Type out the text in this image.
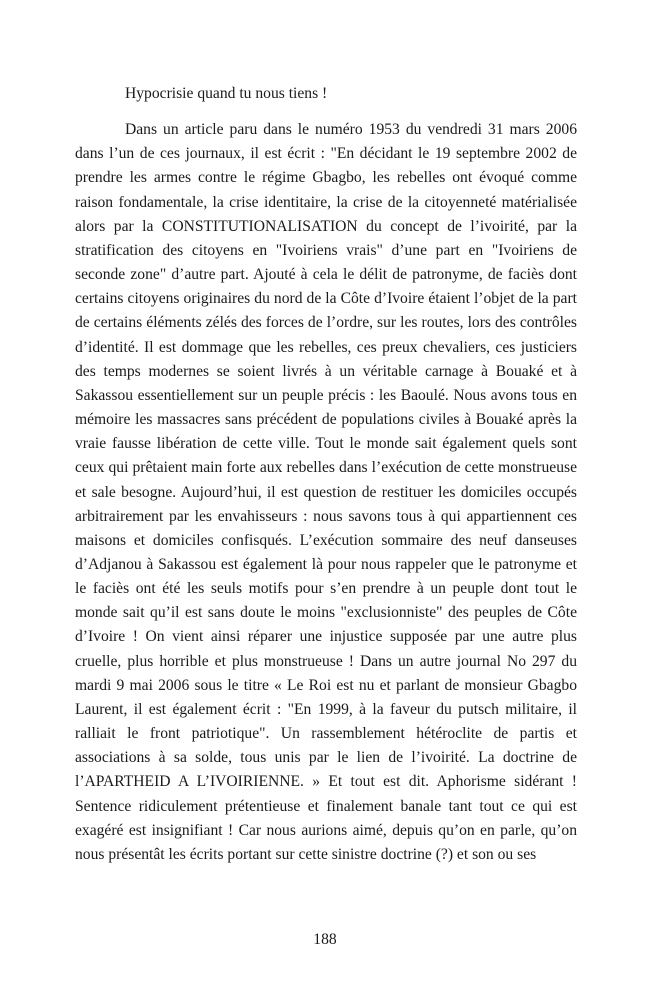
Hypocrisie quand tu nous tiens !

Dans un article paru dans le numéro 1953 du vendredi 31 mars 2006 dans l’un de ces journaux, il est écrit : "En décidant le 19 septembre 2002 de prendre les armes contre le régime Gbagbo, les rebelles ont évoqué comme raison fondamentale, la crise identitaire, la crise de la citoyenneté matérialisée alors par la CONSTITUTIONALISATION du concept de l’ivoirité, par la stratification des citoyens en "Ivoiriens vrais" d’une part en "Ivoiriens de seconde zone" d’autre part. Ajouté à cela le délit de patronyme, de faciès dont certains citoyens originaires du nord de la Côte d’Ivoire étaient l’objet de la part de certains éléments zélés des forces de l’ordre, sur les routes, lors des contrôles d’identité. Il est dommage que les rebelles, ces preux chevaliers, ces justiciers des temps modernes se soient livrés à un véritable carnage à Bouaké et à Sakassou essentiellement sur un peuple précis : les Baoulé. Nous avons tous en mémoire les massacres sans précédent de populations civiles à Bouaké après la vraie fausse libération de cette ville. Tout le monde sait également quels sont ceux qui prêtaient main forte aux rebelles dans l’exécution de cette monstrueuse et sale besogne. Aujourd’hui, il est question de restituer les domiciles occupés arbitrairement par les envahisseurs : nous savons tous à qui appartiennent ces maisons et domiciles confisqués. L’exécution sommaire des neuf danseuses d’Adjanou à Sakassou est également là pour nous rappeler que le patronyme et le faciès ont été les seuls motifs pour s’en prendre à un peuple dont tout le monde sait qu’il est sans doute le moins "exclusionniste" des peuples de Côte d’Ivoire ! On vient ainsi réparer une injustice supposée par une autre plus cruelle, plus horrible et plus monstrueuse ! Dans un autre journal No 297 du mardi 9 mai 2006 sous le titre « Le Roi est nu et parlant de monsieur Gbagbo Laurent, il est également écrit : "En 1999, à la faveur du putsch militaire, il ralliait le front patriotique". Un rassemblement hétéroclite de partis et associations à sa solde, tous unis par le lien de l’ivoirité. La doctrine de l’APARTHEID A L’IVOIRIENNE. » Et tout est dit. Aphorisme sidérant ! Sentence ridiculement prétentieuse et finalement banale tant tout ce qui est exagéré est insignifiant ! Car nous aurions aimé, depuis qu’on en parle, qu’on nous présentât les écrits portant sur cette sinistre doctrine (?) et son ou ses

188
